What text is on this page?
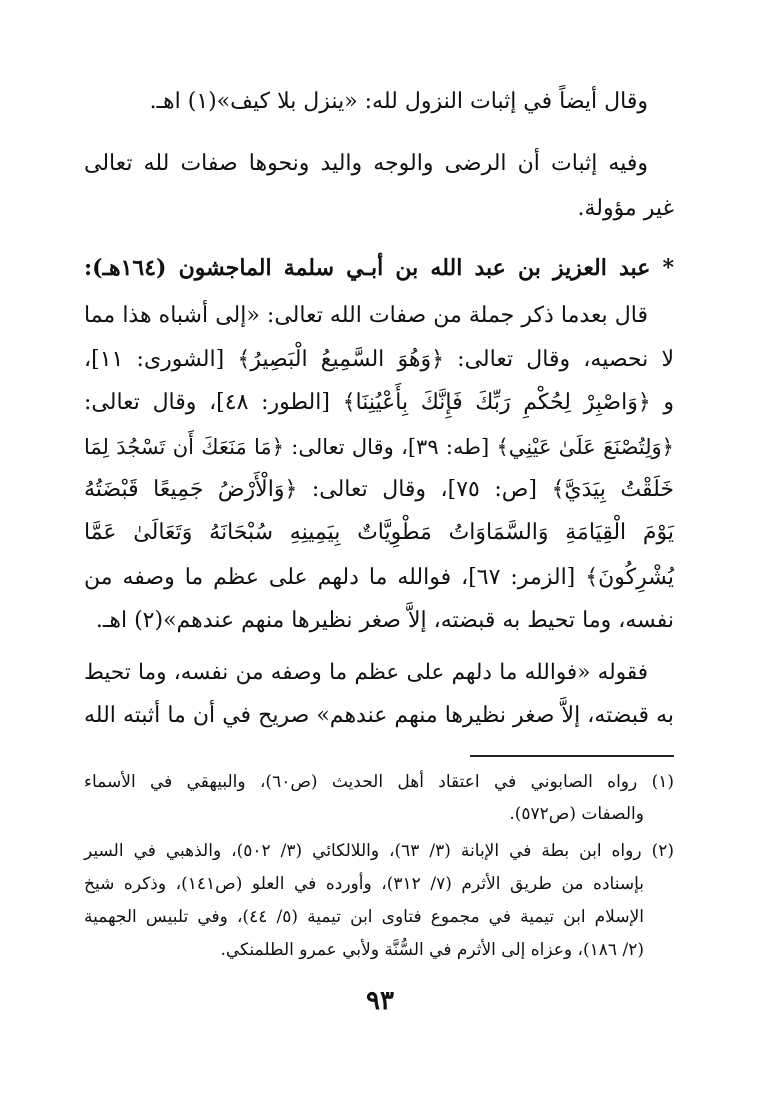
وقال أيضاً في إثبات النزول لله: «ينزل بلا كيف»(١) اهـ.
وفيه إثبات أن الرضى والوجه واليد ونحوها صفات لله تعالى
غير مؤولة.
* عبد العزيز بن عبد الله بن أبـي سلمة الماجشون (١٦٤هـ):
قال بعدما ذكر جملة من صفات الله تعالى: «إلى أشباه هذا مما
لا نحصيه، وقال تعالى: ﴿وَهُوَ السَّمِيعُ الْبَصِيرُ﴾ [الشورى: ١١]،
و ﴿وَاصْبِرْ لِحُكْمِ رَبِّكَ فَإِنَّكَ بِأَعْيُنِنَا﴾ [الطور: ٤٨]، وقال تعالى:
﴿وَلِتُصْنَعَ عَلَىٰ عَيْنِي﴾ [طه: ٣٩]، وقال تعالى: ﴿مَا مَنَعَكَ أَن تَسْجُدَ لِمَا
خَلَقْتُ بِيَدَيَّ﴾ [ص: ٧٥]، وقال تعالى: ﴿وَالْأَرْضُ جَمِيعًا قَبْضَتُهُ
يَوْمَ الْقِيَامَةِ وَالسَّمَاوَاتُ مَطْوِيَّاتٌ بِيَمِينِهِ سُبْحَانَهُ وَتَعَالَىٰ عَمَّا
يُشْرِكُونَ﴾ [الزمر: ٦٧]، فوالله ما دلهم على عظم ما وصفه من
نفسه، وما تحيط به قبضته، إلاَّ صغر نظيرها منهم عندهم»(٢) اهـ.
فقوله «فوالله ما دلهم على عظم ما وصفه من نفسه، وما تحيط
به قبضته، إلاَّ صغر نظيرها منهم عندهم» صريح في أن ما أثبته الله
(١) رواه الصابوني في اعتقاد أهل الحديث (ص٦٠)، والبيهقي في الأسماء
والصفات (ص٥٧٢).
(٢) رواه ابن بطة في الإبانة (٣/ ٦٣)، واللالكائي (٣/ ٥٠٢)، والذهبي في السير
بإسناده من طريق الأثرم (٧/ ٣١٢)، وأورده في العلو (ص١٤١)، وذكره شيخ
الإسلام ابن تيمية في مجموع فتاوى ابن تيمية (٥/ ٤٤)، وفي تلبيس الجهمية
(٢/ ١٨٦)، وعزاه إلى الأثرم في السُّنَّة ولأبي عمرو الطلمنكي.
٩٣
